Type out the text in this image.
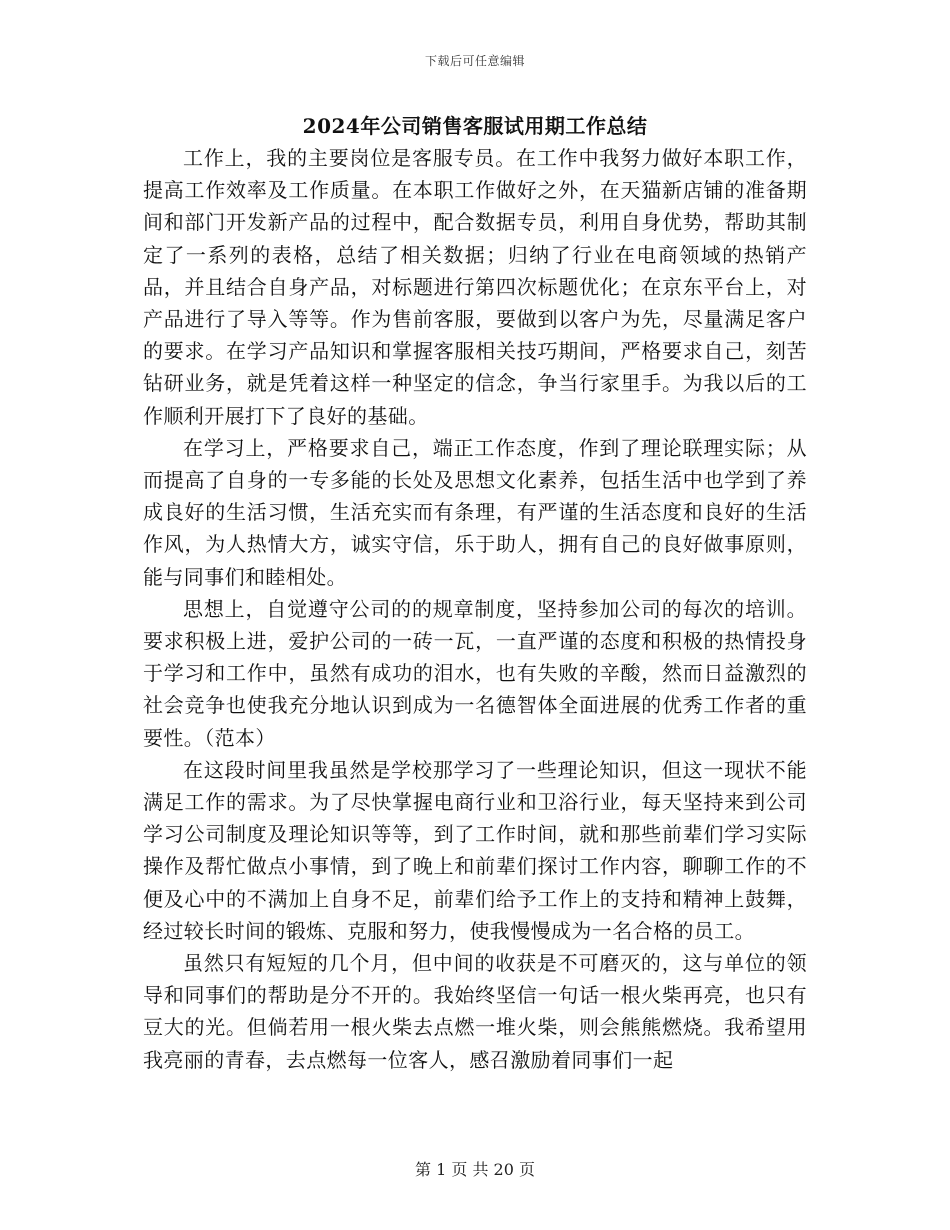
下载后可任意编辑
2024年公司销售客服试用期工作总结

工作上，我的主要岗位是客服专员。在工作中我努力做好本职工作，提高工作效率及工作质量。在本职工作做好之外，在天猫新店铺的准备期间和部门开发新产品的过程中，配合数据专员，利用自身优势，帮助其制定了一系列的表格，总结了相关数据；归纳了行业在电商领域的热销产品，并且结合自身产品，对标题进行第四次标题优化；在京东平台上，对产品进行了导入等等。作为售前客服，要做到以客户为先，尽量满足客户的要求。在学习产品知识和掌握客服相关技巧期间，严格要求自己，刻苦钻研业务，就是凭着这样一种坚定的信念，争当行家里手。为我以后的工作顺利开展打下了良好的基础。

在学习上，严格要求自己，端正工作态度，作到了理论联理实际；从而提高了自身的一专多能的长处及思想文化素养，包括生活中也学到了养成良好的生活习惯，生活充实而有条理，有严谨的生活态度和良好的生活作风，为人热情大方，诚实守信，乐于助人，拥有自己的良好做事原则，能与同事们和睦相处。

思想上，自觉遵守公司的的规章制度，坚持参加公司的每次的培训。要求积极上进，爱护公司的一砖一瓦，一直严谨的态度和积极的热情投身于学习和工作中，虽然有成功的泪水，也有失败的辛酸，然而日益激烈的社会竞争也使我充分地认识到成为一名德智体全面进展的优秀工作者的重要性。（范本）

在这段时间里我虽然是学校那学习了一些理论知识，但这一现状不能满足工作的需求。为了尽快掌握电商行业和卫浴行业，每天坚持来到公司学习公司制度及理论知识等等，到了工作时间，就和那些前辈们学习实际操作及帮忙做点小事情，到了晚上和前辈们探讨工作内容，聊聊工作的不便及心中的不满加上自身不足，前辈们给予工作上的支持和精神上鼓舞，经过较长时间的锻炼、克服和努力，使我慢慢成为一名合格的员工。

虽然只有短短的几个月，但中间的收获是不可磨灭的，这与单位的领导和同事们的帮助是分不开的。我始终坚信一句话一根火柴再亮，也只有豆大的光。但倘若用一根火柴去点燃一堆火柴，则会熊熊燃烧。我希望用我亮丽的青春，去点燃每一位客人，感召激励着同事们一起

第 1 页 共 20 页
